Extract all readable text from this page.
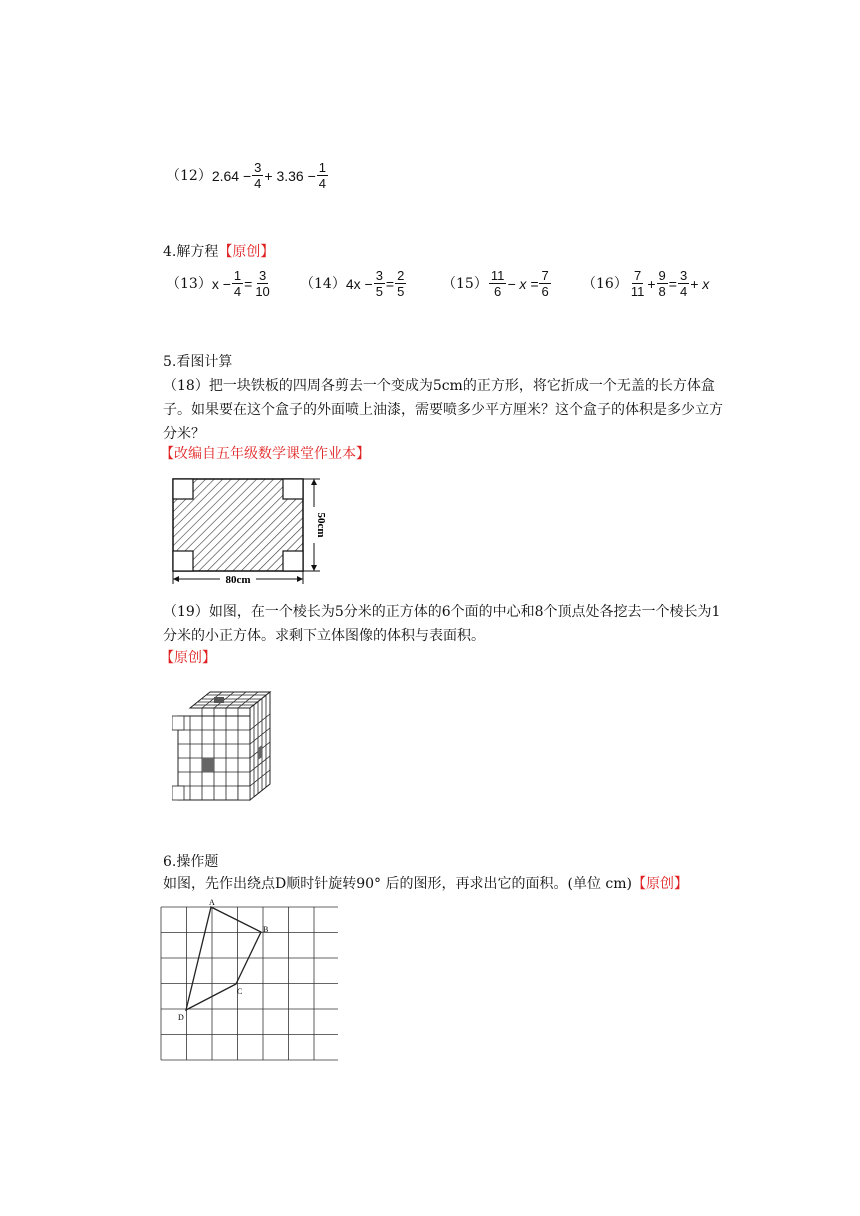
（12） $2.64 - \frac{3}{4} + 3.36 - \frac{1}{4}$
4.解方程【原创】
（13） $x - \frac{1}{4} = \frac{3}{10} (14) 4x - \frac{3}{5} = \frac{2}{5}$	$(15) \frac{11}{6} - x = \frac{7}{6} (16) \frac{7}{11} + \frac{9}{8} = \frac{3}{4} + x$
5.看图计算
（18）把一块铁板的四周各剪去一个变成为5cm的正方形，将它折成一个无盖的长方体盒子。如果要在这个盒子的外面喷上油漆，需要喷多少平方厘米？这个盒子的体积是多少立方分米？
【改编自五年级数学课堂作业本】
80cm
50cm
（19）如图，在一个棱长为5分米的正方体的6个面的中心和8个顶点处各挖去一个棱长为1分米的小正方体。求剩下立体图像的体积与表面积。
【原创】
6.操作题
如图，先作出绕点D顺时针旋转90° 后的图形，再求出它的面积。(单位 cm)【原创】
A
B
C
D
